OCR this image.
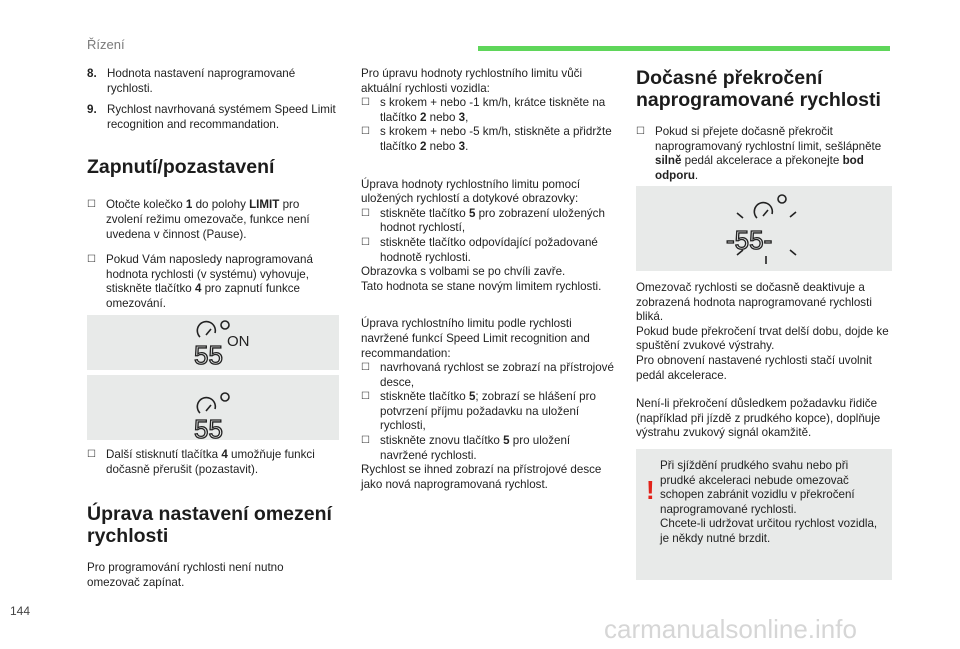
Řízení
8. Hodnota nastavení naprogramované rychlosti.
9. Rychlost navrhovaná systémem Speed Limit recognition and recommandation.
Zapnutí/pozastavení
☐ Otočte kolečko 1 do polohy LIMIT pro zvolení režimu omezovače, funkce není uvedena v činnost (Pause).
☐ Pokud Vám naposledy naprogramovaná hodnota rychlosti (v systému) vyhovuje, stiskněte tlačítko 4 pro zapnutí funkce omezování.
55 ON
55
☐ Další stisknutí tlačítka 4 umožňuje funkci dočasně přerušit (pozastavit).
Úprava nastavení omezení rychlosti

Pro programování rychlosti není nutno omezovač zapínat.

Pro úpravu hodnoty rychlostního limitu vůči aktuální rychlosti vozidla:

☐ s krokem + nebo -1 km/h, krátce tiskněte na tlačítko 2 nebo 3,
☐ s krokem + nebo -5 km/h, stiskněte a přidržte tlačítko 2 nebo 3.

Úprava hodnoty rychlostního limitu pomocí uložených rychlostí a dotykové obrazovky:

☐ stiskněte tlačítko 5 pro zobrazení uložených hodnot rychlostí,
☐ stiskněte tlačítko odpovídající požadované hodnotě rychlosti.

Obrazovka s volbami se po chvíli zavře.

Tato hodnota se stane novým limitem rychlosti.

Úprava rychlostního limitu podle rychlosti navržené funkcí Speed Limit recognition and recommandation:

☐ navrhovaná rychlost se zobrazí na přístrojové desce,
☐ stiskněte tlačítko 5; zobrazí se hlášení pro potvrzení příjmu požadavku na uložení rychlosti,
☐ stiskněte znovu tlačítko 5 pro uložení navržené rychlosti.

Rychlost se ihned zobrazí na přístrojové desce jako nová naprogramovaná rychlost.

Dočasné překročení naprogramované rychlosti
☐ Pokud si přejete dočasně překročit naprogramovaný rychlostní limit, sešlápněte silně pedál akcelerace a překonejte bod odporu.
-55-

Omezovač rychlosti se dočasně deaktivuje a zobrazená hodnota naprogramované rychlosti bliká.

Pokud bude překročení trvat delší dobu, dojde ke spuštění zvukové výstrahy.

Pro obnovení nastavené rychlosti stačí uvolnit pedál akcelerace.

Není-li překročení důsledkem požadavku řidiče (například při jízdě z prudkého kopce), doplňuje výstrahu zvukový signál okamžitě.

!

Při sjíždění prudkého svahu nebo při prudké akceleraci nebude omezovač schopen zabránit vozidlu v překročení naprogramované rychlosti.

Chcete-li udržovat určitou rychlost vozidla, je někdy nutné brzdit.

144
carmanualsonline.info
